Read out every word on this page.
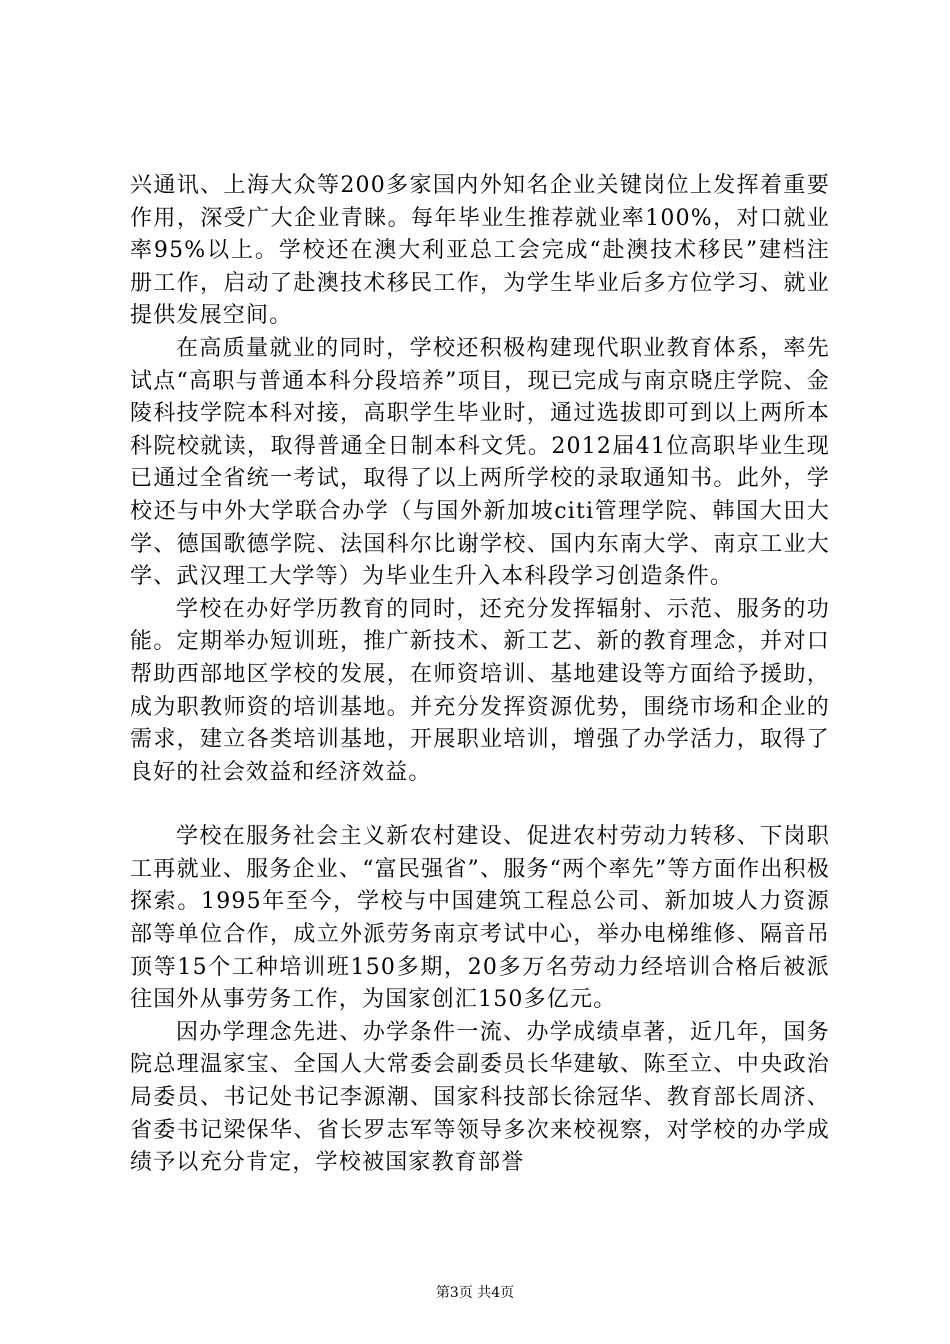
兴通讯、上海大众等200多家国内外知名企业关键岗位上发挥着重要作用，深受广大企业青睐。每年毕业生推荐就业率100%，对口就业率95%以上。学校还在澳大利亚总工会完成“赴澳技术移民”建档注册工作，启动了赴澳技术移民工作，为学生毕业后多方位学习、就业提供发展空间。

在高质量就业的同时，学校还积极构建现代职业教育体系，率先试点“高职与普通本科分段培养”项目，现已完成与南京晓庄学院、金陵科技学院本科对接，高职学生毕业时，通过选拔即可到以上两所本科院校就读，取得普通全日制本科文凭。2012届41位高职毕业生现已通过全省统一考试，取得了以上两所学校的录取通知书。此外，学校还与中外大学联合办学（与国外新加坡citi管理学院、韩国大田大学、德国歌德学院、法国科尔比谢学校、国内东南大学、南京工业大学、武汉理工大学等）为毕业生升入本科段学习创造条件。

学校在办好学历教育的同时，还充分发挥辐射、示范、服务的功能。定期举办短训班，推广新技术、新工艺、新的教育理念，并对口帮助西部地区学校的发展，在师资培训、基地建设等方面给予援助，成为职教师资的培训基地。并充分发挥资源优势，围绕市场和企业的需求，建立各类培训基地，开展职业培训，增强了办学活力，取得了良好的社会效益和经济效益。

学校在服务社会主义新农村建设、促进农村劳动力转移、下岗职工再就业、服务企业、“富民强省”、服务“两个率先”等方面作出积极探索。1995年至今，学校与中国建筑工程总公司、新加坡人力资源部等单位合作，成立外派劳务南京考试中心，举办电梯维修、隔音吊顶等15个工种培训班150多期，20多万名劳动力经培训合格后被派往国外从事劳务工作，为国家创汇150多亿元。

因办学理念先进、办学条件一流、办学成绩卓著，近几年，国务院总理温家宝、全国人大常委会副委员长华建敏、陈至立、中央政治局委员、书记处书记李源潮、国家科技部长徐冠华、教育部长周济、省委书记梁保华、省长罗志军等领导多次来校视察，对学校的办学成绩予以充分肯定，学校被国家教育部誉

第3页 共4页
